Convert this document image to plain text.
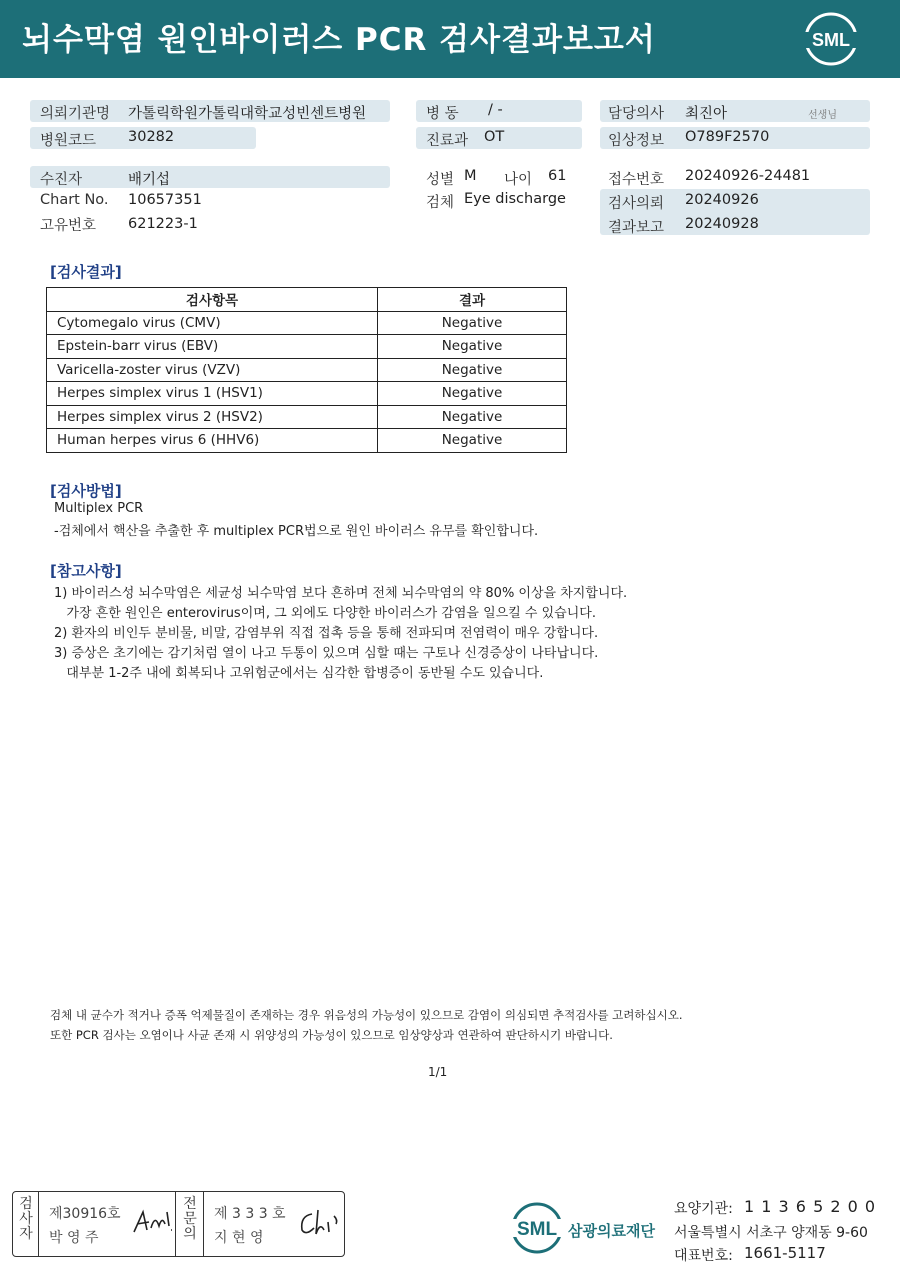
뇌수막염 원인바이러스 PCR 검사결과보고서	SML
의뢰기관명 가톨릭학원가톨릭대학교성빈센트병원
병원코드 30282
병 동 / -
진료과 OT
담당의사 최진아	선생님
임상정보 O789F2570
수진자	배기섭
Chart No. 10657351
고유번호 621223-1
성별 M 나이 61
검체 Eye discharge
접수번호 20240926-24481
검사의뢰 20240926
결과보고 20240928
[검사결과]
검사항목	결과
Cytomegalo virus (CMV)	Negative
Epstein-barr virus (EBV)	Negative
Varicella-zoster virus (VZV)	Negative
Herpes simplex virus 1 (HSV1)	Negative
Herpes simplex virus 2 (HSV2)	Negative
Human herpes virus 6 (HHV6)	Negative
[검사방법]
Multiplex PCR
-검체에서 핵산을 추출한 후 multiplex PCR법으로 원인 바이러스 유무를 확인합니다.
[참고사항]
1) 바이러스성 뇌수막염은 세균성 뇌수막염 보다 흔하며 전체 뇌수막염의 약 80% 이상을 차지합니다.
가장 흔한 원인은 enterovirus이며, 그 외에도 다양한 바이러스가 감염을 일으킬 수 있습니다.
2) 환자의 비인두 분비물, 비말, 감염부위 직접 접촉 등을 통해 전파되며 전염력이 매우 강합니다.
3) 증상은 초기에는 감기처럼 열이 나고 두통이 있으며 심할 때는 구토나 신경증상이 나타납니다.
대부분 1-2주 내에 회복되나 고위험군에서는 심각한 합병증이 동반될 수도 있습니다.
검체 내 균수가 적거나 증폭 억제물질이 존재하는 경우 위음성의 가능성이 있으므로 감염이 의심되면 추적검사를 고려하십시오.
또한 PCR 검사는 오염이나 사균 존재 시 위양성의 가능성이 있으므로 임상양상과 연관하여 판단하시기 바랍니다.
1/1
검사자
제30916호
박 영 주
전문의
제 3 3 3 호
지 현 영	SML 삼광의료재단
요양기관: 1 1 3 6 5 2 0 0
서울특별시 서초구 양재동 9-60
대표번호: 1661-5117
